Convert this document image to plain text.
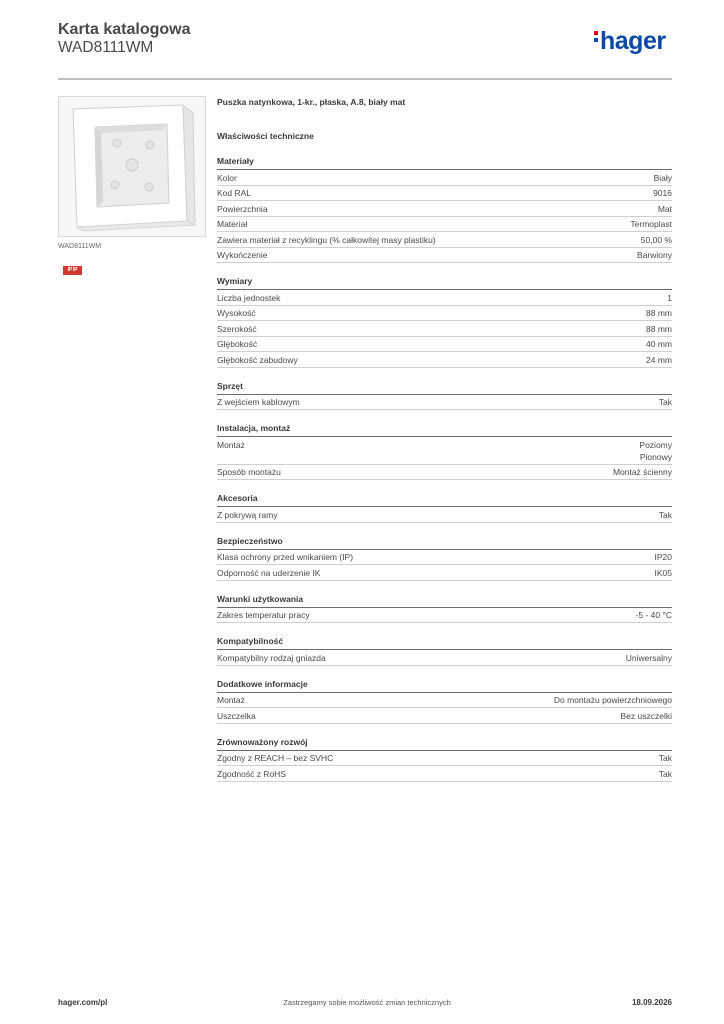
Karta katalogowa
WAD8111WM	hager
WAD8111WM
IP IP
Puszka natynkowa, 1-kr., płaska, A.8, biały mat
Właściwości techniczne
Materiały
Kolor	Biały
Kod RAL	9016
Powierzchnia	Mat
Materiał	Termoplast
Zawiera materiał z recyklingu (% całkowitej masy plastiku)	50,00 %
Wykończenie	Barwiony
Wymiary
Liczba jednostek	1
Wysokość	88 mm
Szerokość	88 mm
Głębokość	40 mm
Głębokość zabudowy	24 mm
Sprzęt
Z wejściem kablowym	Tak
Instalacja, montaż
Montaż	Poziomy
Pionowy
Sposób montażu	Montaż ścienny
Akcesoria
Z pokrywą ramy	Tak
Bezpieczeństwo
Klasa ochrony przed wnikaniem (IP)	IP20
Odporność na uderzenie IK	IK05
Warunki użytkowania
Zakres temperatur pracy	-5 - 40 °C
Kompatybilność
Kompatybilny rodzaj gniazda	Uniwersalny
Dodatkowe informacje
Montaż	Do montażu powierzchniowego
Uszczelka	Bez uszczelki
Zrównoważony rozwój
Zgodny z REACH – bez SVHC	Tak
Zgodność z RoHS	Tak
hager.com/pl	Zastrzegamy sobie możliwość zmian technicznych	18.09.2026
